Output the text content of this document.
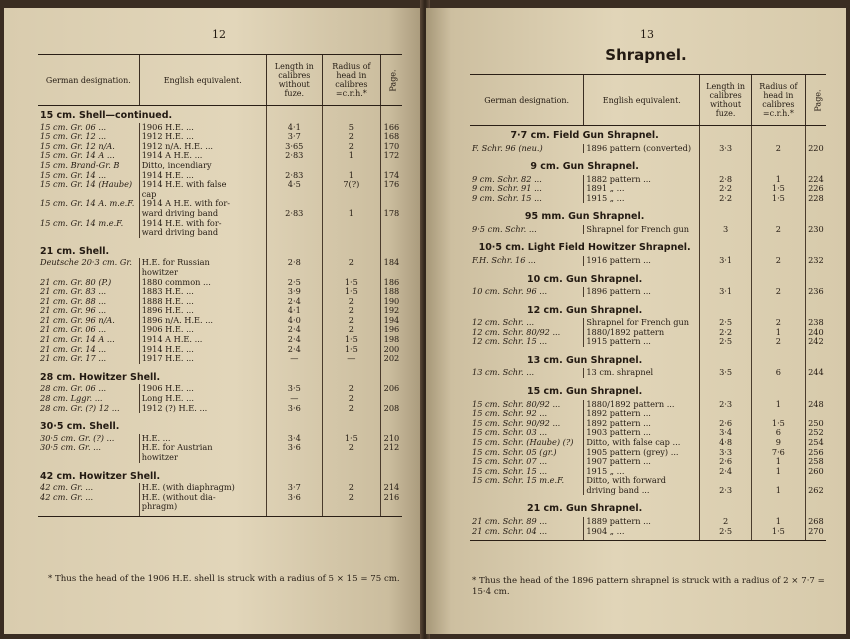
12
German designation.	English equivalent.	Length in calibres without fuze.	Radius of head in calibres =c.r.h.*	Page.
15 cm. Shell—continued.				
15 cm. Gr. 06 ...	1906 H.E. ...	4·1	5	166
15 cm. Gr. 12 ...	1912 H.E. ...	3·7	2	168
15 cm. Gr. 12 n/A.	1912 n/A. H.E. ...	3·65	2	170
15 cm. Gr. 14 A ...	1914 A H.E. ...	2·83	1	172
15 cm. Brand-Gr. B	Ditto, incendiary			
15 cm. Gr. 14 ...	1914 H.E. ...	2·83	1	174
15 cm. Gr. 14 (Haube)	1914 H.E. with false	4·5	7(?)	176
	cap			
15 cm. Gr. 14 A. m.e.F.	1914 A H.E. with for-			
	ward driving band	2·83	1	178
15 cm. Gr. 14 m.e.F.	1914 H.E. with for-			
	ward driving band			
21 cm. Shell.				
Deutsche 20·3 cm. Gr.	H.E. for Russian	2·8	2	184
	howitzer			
21 cm. Gr. 80 (P.)	1880 common ...	2·5	1·5	186
21 cm. Gr. 83 ...	1883 H.E. ...	3·9	1·5	188
21 cm. Gr. 88 ...	1888 H.E. ...	2·4	2	190
21 cm. Gr. 96 ...	1896 H.E. ...	4·1	2	192
21 cm. Gr. 96 n/A.	1896 n/A. H.E. ...	4·0	2	194
21 cm. Gr. 06 ...	1906 H.E. ...	2·4	2	196
21 cm. Gr. 14 A ...	1914 A H.E. ...	2·4	1·5	198
21 cm. Gr. 14 ...	1914 H.E. ...	2·4	1·5	200
21 cm. Gr. 17 ...	1917 H.E. ...	—	—	202
28 cm. Howitzer Shell.				
28 cm. Gr. 06 ...	1906 H.E. ...	3·5	2	206
28 cm. Lggr. ...	Long H.E. ...	—	2	
28 cm. Gr. (?) 12 ...	1912 (?) H.E. ...	3·6	2	208
30·5 cm. Shell.				
30·5 cm. Gr. (?) ...	H.E. ...	3·4	1·5	210
30·5 cm. Gr. ...	H.E. for Austrian	3·6	2	212
	howitzer			
42 cm. Howitzer Shell.				
42 cm. Gr. ...	H.E. (with diaphragm)	3·7	2	214
42 cm. Gr. ...	H.E. (without dia-	3·6	2	216
	phragm)			
* Thus the head of the 1906 H.E. shell is struck with a radius of 5 × 15 = 75 cm.
13
Shrapnel.
German designation.	English equivalent.	Length in calibres without fuze.	Radius of head in calibres =c.r.h.*	Page.
7·7 cm. Field Gun Shrapnel.				
F. Schr. 96 (neu.)	1896 pattern (converted)	3·3	2	220
9 cm. Gun Shrapnel.				
9 cm. Schr. 82 ...	1882 pattern ...	2·8	1	224
9 cm. Schr. 91 ...	1891 „ ...	2·2	1·5	226
9 cm. Schr. 15 ...	1915 „ ...	2·2	1·5	228
95 mm. Gun Shrapnel.				
9·5 cm. Schr. ...	Shrapnel for French gun	3	2	230
10·5 cm. Light Field Howitzer Shrapnel.				
F.H. Schr. 16 ...	1916 pattern ...	3·1	2	232
10 cm. Gun Shrapnel.				
10 cm. Schr. 96 ...	1896 pattern ...	3·1	2	236
12 cm. Gun Shrapnel.				
12 cm. Schr. ...	Shrapnel for French gun	2·5	2	238
12 cm. Schr. 80/92 ...	1880/1892 pattern	2·2	1	240
12 cm. Schr. 15 ...	1915 pattern ...	2·5	2	242
13 cm. Gun Shrapnel.				
13 cm. Schr. ...	13 cm. shrapnel	3·5	6	244
15 cm. Gun Shrapnel.				
15 cm. Schr. 80/92 ...	1880/1892 pattern ...	2·3	1	248
15 cm. Schr. 92 ...	1892 pattern ...			
15 cm. Schr. 90/92 ...	1892 pattern ...	2·6	1·5	250
15 cm. Schr. 03 ...	1903 pattern ...	3·4	6	252
15 cm. Schr. (Haube) (?)	Ditto, with false cap ...	4·8	9	254
15 cm. Schr. 05 (gr.)	1905 pattern (grey) ...	3·3	7·6	256
15 cm. Schr. 07 ...	1907 pattern ...	2·6	1	258
15 cm. Schr. 15 ...	1915 „ ...	2·4	1	260
15 cm. Schr. 15 m.e.F.	Ditto, with forward			
	driving band ...	2·3	1	262
21 cm. Gun Shrapnel.				
21 cm. Schr. 89 ...	1889 pattern ...	2	1	268
21 cm. Schr. 04 ...	1904 „ ...	2·5	1·5	270
* Thus the head of the 1896 pattern shrapnel is struck with a radius of 2 × 7·7 = 15·4 cm.
